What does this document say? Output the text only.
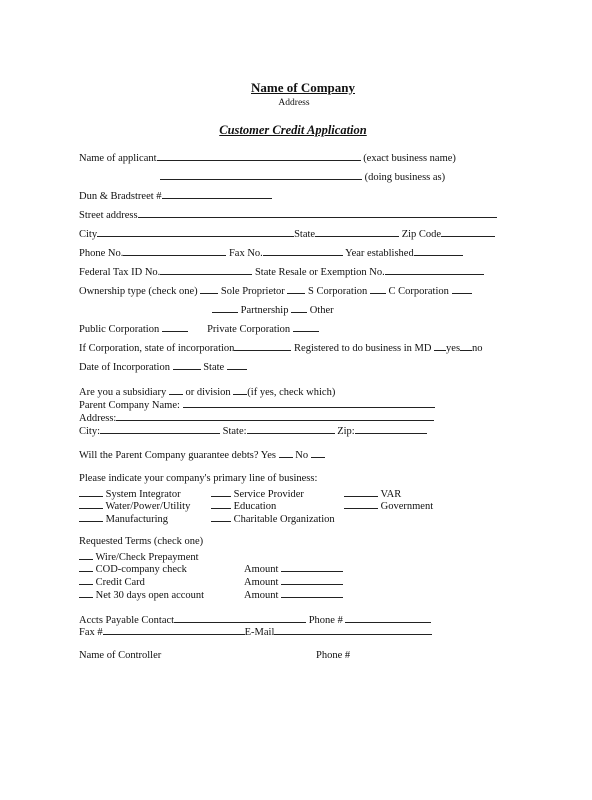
Name of Company
Address
Customer Credit Application
Name of applicant	(exact business name)
(doing business as)
Dun & Bradstreet #
Street address
City	State	Zip Code
Phone No.	Fax No.	Year established
Federal Tax ID No.	State Resale or Exemption No.
Ownership type (check one) Sole Proprietor S Corporation C Corporation
Partnership Other
Public Corporation	Private Corporation
If Corporation, state of incorporation	Registered to do business in MD yes no
Date of Incorporation	State
Are you a subsidiary or division (if yes, check which)
Parent Company Name:
Address:
City:	State:	Zip:
Will the Parent Company guarantee debts? Yes No
Please indicate your company's primary line of business:
System Integrator	Service Provider	VAR
Water/Power/Utility	Education	Government
Manufacturing	Charitable Organization
Requested Terms (check one)
Wire/Check Prepayment
COD-company check	Amount
Credit Card	Amount
Net 30 days open account	Amount
Accts Payable Contact	Phone #
Fax #	E-Mail
Name of Controller	Phone #
